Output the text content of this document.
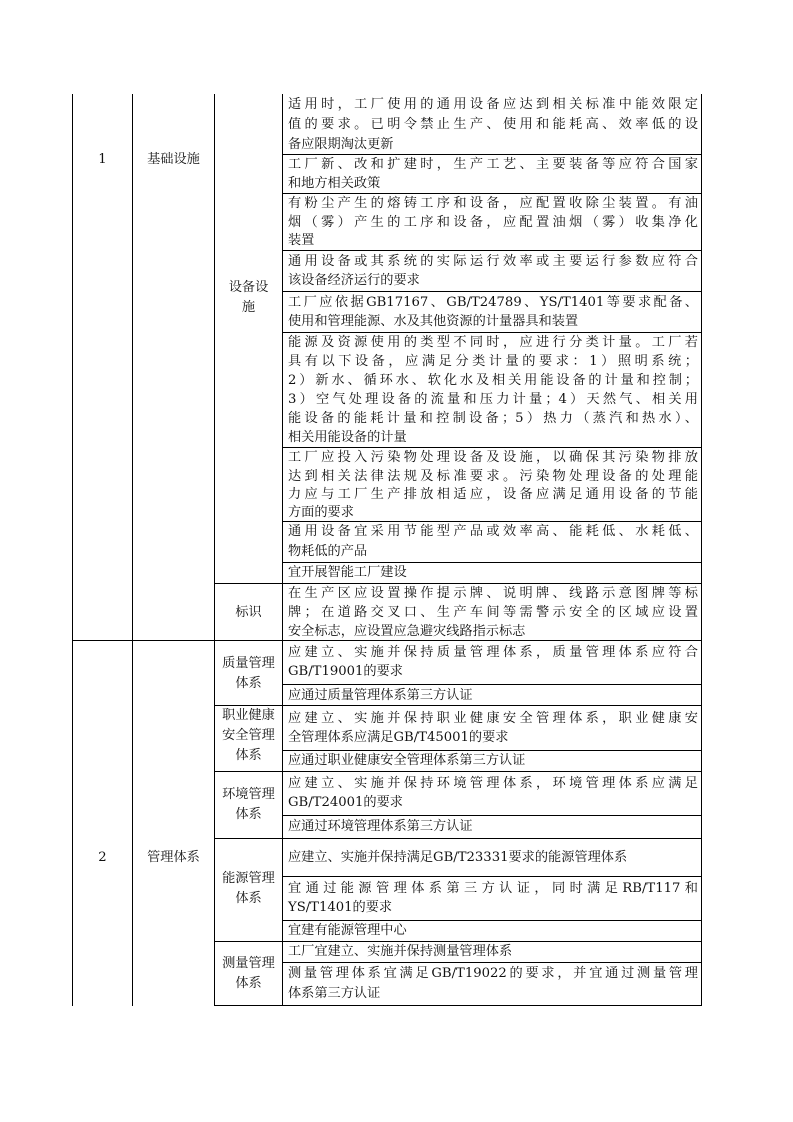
1	基础设施
设备设施
标识
适用时，工厂使用的通用设备应达到相关标准中能效限定
值的要求。已明令禁止生产、使用和能耗高、效率低的设
备应限期淘汰更新
工厂新、改和扩建时，生产工艺、主要装备等应符合国家
和地方相关政策
有粉尘产生的熔铸工序和设备，应配置收除尘装置。有油
烟（雾）产生的工序和设备，应配置油烟（雾）收集净化
装置
通用设备或其系统的实际运行效率或主要运行参数应符合
该设备经济运行的要求
工厂应依据GB17167、GB/T24789、YS/T1401等要求配备、
使用和管理能源、水及其他资源的计量器具和装置
能源及资源使用的类型不同时，应进行分类计量。工厂若
具有以下设备，应满足分类计量的要求：1）照明系统；
2）新水、循环水、软化水及相关用能设备的计量和控制；
3）空气处理设备的流量和压力计量；4）天然气、相关用
能设备的能耗计量和控制设备；5）热力（蒸汽和热水）、
相关用能设备的计量
工厂应投入污染物处理设备及设施，以确保其污染物排放
达到相关法律法规及标准要求。污染物处理设备的处理能
力应与工厂生产排放相适应，设备应满足通用设备的节能
方面的要求
通用设备宜采用节能型产品或效率高、能耗低、水耗低、
物耗低的产品
宜开展智能工厂建设
在生产区应设置操作提示牌、说明牌、线路示意图牌等标
牌；在道路交叉口、生产车间等需警示安全的区域应设置
安全标志，应设置应急避灾线路指示标志
2	管理体系
质量管理体系
职业健康安全管理体系
环境管理体系
能源管理体系
测量管理体系
应建立、实施并保持质量管理体系，质量管理体系应符合
GB/T19001的要求
应通过质量管理体系第三方认证
应建立、实施并保持职业健康安全管理体系，职业健康安
全管理体系应满足GB/T45001的要求
应通过职业健康安全管理体系第三方认证
应建立、实施并保持环境管理体系，环境管理体系应满足
GB/T24001的要求
应通过环境管理体系第三方认证
应建立、实施并保持满足GB/T23331要求的能源管理体系
宜通过能源管理体系第三方认证，同时满足RB/T117和
YS/T1401的要求
宜建有能源管理中心
工厂宜建立、实施并保持测量管理体系
测量管理体系宜满足GB/T19022的要求，并宜通过测量管理
体系第三方认证
